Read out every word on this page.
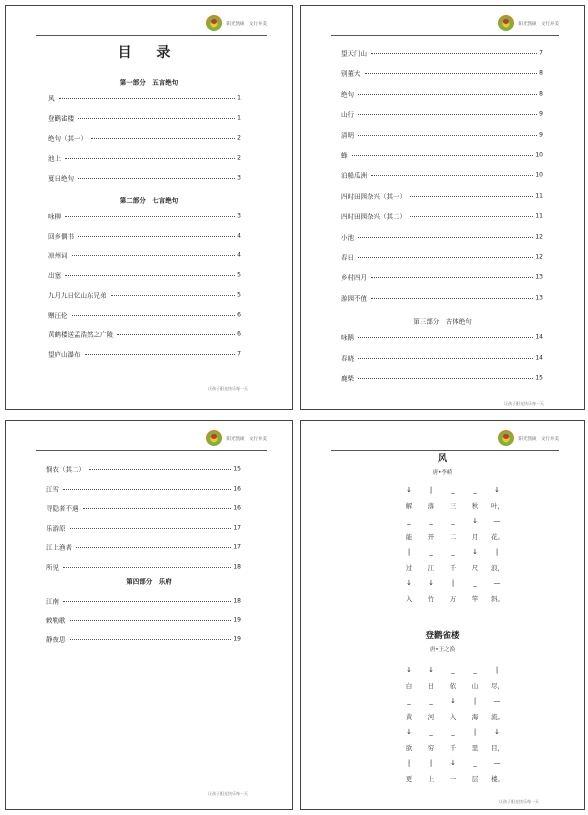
阳光凯硕　文行并美
目 录
第一部分　五言绝句
风	1
登鹳雀楼	1
绝句（其一）	2
池上	2
夏日绝句	3
第二部分　七言绝句
咏柳	3
回乡偶书	4
凉州词	4
出塞	5
九月九日忆山东兄弟	5
赠汪伦	6
黄鹤楼送孟浩然之广陵	6
望庐山瀑布	7
让孩子阳光快乐每一天
阳光凯硕　文行并美
望天门山	7
别董大	8
绝句	8
山行	9
清明	9
蜂	10
泊船瓜洲	10
四时田园杂兴（其一）	11
四时田园杂兴（其二）	11
小池	12
春日	12
乡村四月	13
游园不值	13
第三部分　古体绝句
咏鹅	14
春晓	14
鹿柴	15
让孩子阳光快乐每一天
阳光凯硕　文行并美
悯农（其二）	15
江雪	16
寻隐者不遇	16
乐游原	17
江上渔者	17
所见	18
第四部分　乐府
江南	18
敕勒歌	19
静夜思	19
让孩子阳光快乐每一天
阳光凯硕　文行并美
风
唐•李峤
↓	|	_	_	↓
解	落	三	秋	叶，
_	_	_	↓	—
能	开	二	月	花。
|	_	_	↓	|
过	江	千	尺	浪，
↓	↓	|	_	—
入	竹	万	竿	斜。
登鹳雀楼
唐•王之涣
↓	↓	_	_	|
白	日	依	山	尽，
_	_	↓	|	—
黄	河	入	海	流。
↓	_	_	|	↓
欲	穷	千	里	目，
|	|	↓	_	—
更	上	一	层	楼。
让孩子阳光快乐每一天
